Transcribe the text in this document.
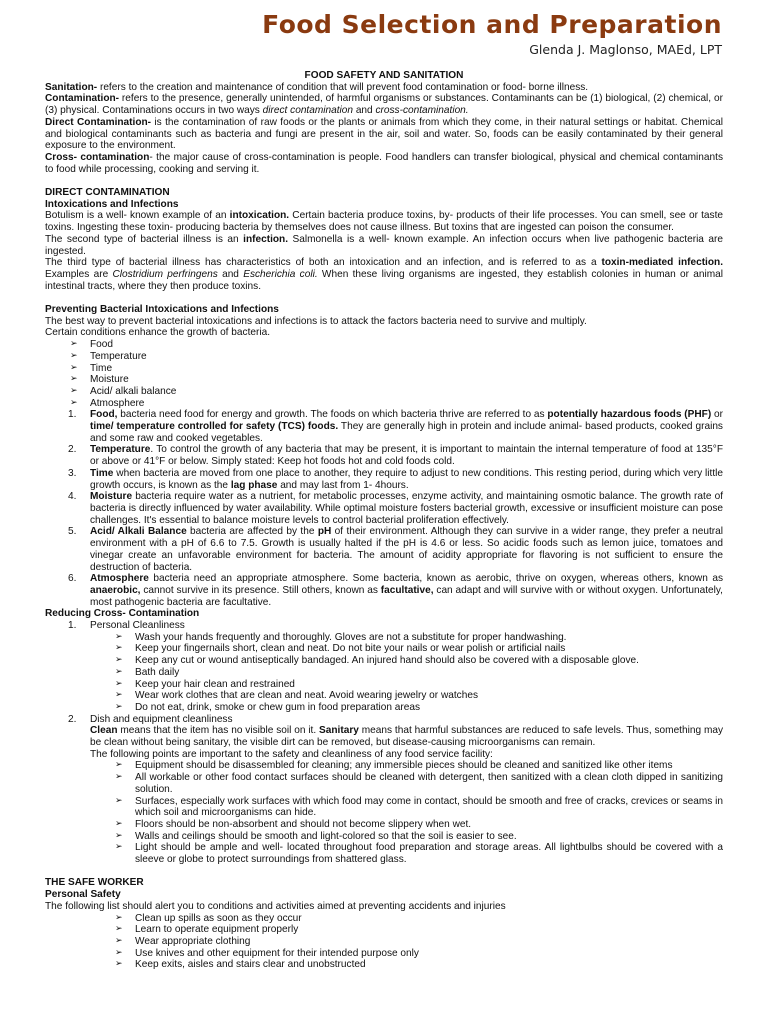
Food Selection and Preparation
Glenda J. Maglonso, MAEd, LPT

FOOD SAFETY AND SANITATION

Sanitation- refers to the creation and maintenance of condition that will prevent food contamination or food- borne illness.

Contamination- refers to the presence, generally unintended, of harmful organisms or substances. Contaminants can be (1) biological, (2) chemical, or (3) physical. Contaminations occurs in two ways direct contamination and cross-contamination.

Direct Contamination- is the contamination of raw foods or the plants or animals from which they come, in their natural settings or habitat. Chemical and biological contaminants such as bacteria and fungi are present in the air, soil and water. So, foods can be easily contaminated by their general exposure to the environment.

Cross- contamination- the major cause of cross-contamination is people. Food handlers can transfer biological, physical and chemical contaminants to food while processing, cooking and serving it.

DIRECT CONTAMINATION

Intoxications and Infections

Botulism is a well- known example of an intoxication. Certain bacteria produce toxins, by- products of their life processes. You can smell, see or taste toxins. Ingesting these toxin- producing bacteria by themselves does not cause illness. But toxins that are ingested can poison the consumer.

The second type of bacterial illness is an infection. Salmonella is a well- known example. An infection occurs when live pathogenic bacteria are ingested.

The third type of bacterial illness has characteristics of both an intoxication and an infection, and is referred to as a toxin-mediated infection. Examples are Clostridium perfringens and Escherichia coli. When these living organisms are ingested, they establish colonies in human or animal intestinal tracts, where they then produce toxins.

Preventing Bacterial Intoxications and Infections

The best way to prevent bacterial intoxications and infections is to attack the factors bacteria need to survive and multiply.

Certain conditions enhance the growth of bacteria.

➢ Food
➢ Temperature
➢ Time
➢ Moisture
➢ Acid/ alkali balance
➢ Atmosphere
1. Food, bacteria need food for energy and growth. The foods on which bacteria thrive are referred to as potentially hazardous foods (PHF) or time/ temperature controlled for safety (TCS) foods. They are generally high in protein and include animal- based products, cooked grains and some raw and cooked vegetables.
2. Temperature. To control the growth of any bacteria that may be present, it is important to maintain the internal temperature of food at 135°F or above or 41°F or below. Simply stated: Keep hot foods hot and cold foods cold.
3. Time when bacteria are moved from one place to another, they require to adjust to new conditions. This resting period, during which very little growth occurs, is known as the lag phase and may last from 1- 4hours.
4. Moisture bacteria require water as a nutrient, for metabolic processes, enzyme activity, and maintaining osmotic balance. The growth rate of bacteria is directly influenced by water availability. While optimal moisture fosters bacterial growth, excessive or insufficient moisture can pose challenges. It's essential to balance moisture levels to control bacterial proliferation effectively.
5. Acid/ Alkali Balance bacteria are affected by the pH of their environment. Although they can survive in a wider range, they prefer a neutral environment with a pH of 6.6 to 7.5. Growth is usually halted if the pH is 4.6 or less. So acidic foods such as lemon juice, tomatoes and vinegar create an unfavorable environment for bacteria. The amount of acidity appropriate for flavoring is not sufficient to ensure the destruction of bacteria.
6. Atmosphere bacteria need an appropriate atmosphere. Some bacteria, known as aerobic, thrive on oxygen, whereas others, known as anaerobic, cannot survive in its presence. Still others, known as facultative, can adapt and will survive with or without oxygen. Unfortunately, most pathogenic bacteria are facultative.

Reducing Cross- Contamination

1. Personal Cleanliness
➢ Wash your hands frequently and thoroughly. Gloves are not a substitute for proper handwashing.
➢ Keep your fingernails short, clean and neat. Do not bite your nails or wear polish or artificial nails
➢ Keep any cut or wound antiseptically bandaged. An injured hand should also be covered with a disposable glove.
➢ Bath daily
➢ Keep your hair clean and restrained
➢ Wear work clothes that are clean and neat. Avoid wearing jewelry or watches
➢ Do not eat, drink, smoke or chew gum in food preparation areas
2. Dish and equipment cleanliness

Clean means that the item has no visible soil on it. Sanitary means that harmful substances are reduced to safe levels. Thus, something may be clean without being sanitary, the visible dirt can be removed, but disease-causing microorganisms can remain.

The following points are important to the safety and cleanliness of any food service facility:

➢ Equipment should be disassembled for cleaning; any immersible pieces should be cleaned and sanitized like other items
➢ All workable or other food contact surfaces should be cleaned with detergent, then sanitized with a clean cloth dipped in sanitizing solution.
➢ Surfaces, especially work surfaces with which food may come in contact, should be smooth and free of cracks, crevices or seams in which soil and microorganisms can hide.
➢ Floors should be non-absorbent and should not become slippery when wet.
➢ Walls and ceilings should be smooth and light-colored so that the soil is easier to see.
➢ Light should be ample and well- located throughout food preparation and storage areas. All lightbulbs should be covered with a sleeve or globe to protect surroundings from shattered glass.

THE SAFE WORKER

Personal Safety

The following list should alert you to conditions and activities aimed at preventing accidents and injuries

➢ Clean up spills as soon as they occur
➢ Learn to operate equipment properly
➢ Wear appropriate clothing
➢ Use knives and other equipment for their intended purpose only
➢ Keep exits, aisles and stairs clear and unobstructed
